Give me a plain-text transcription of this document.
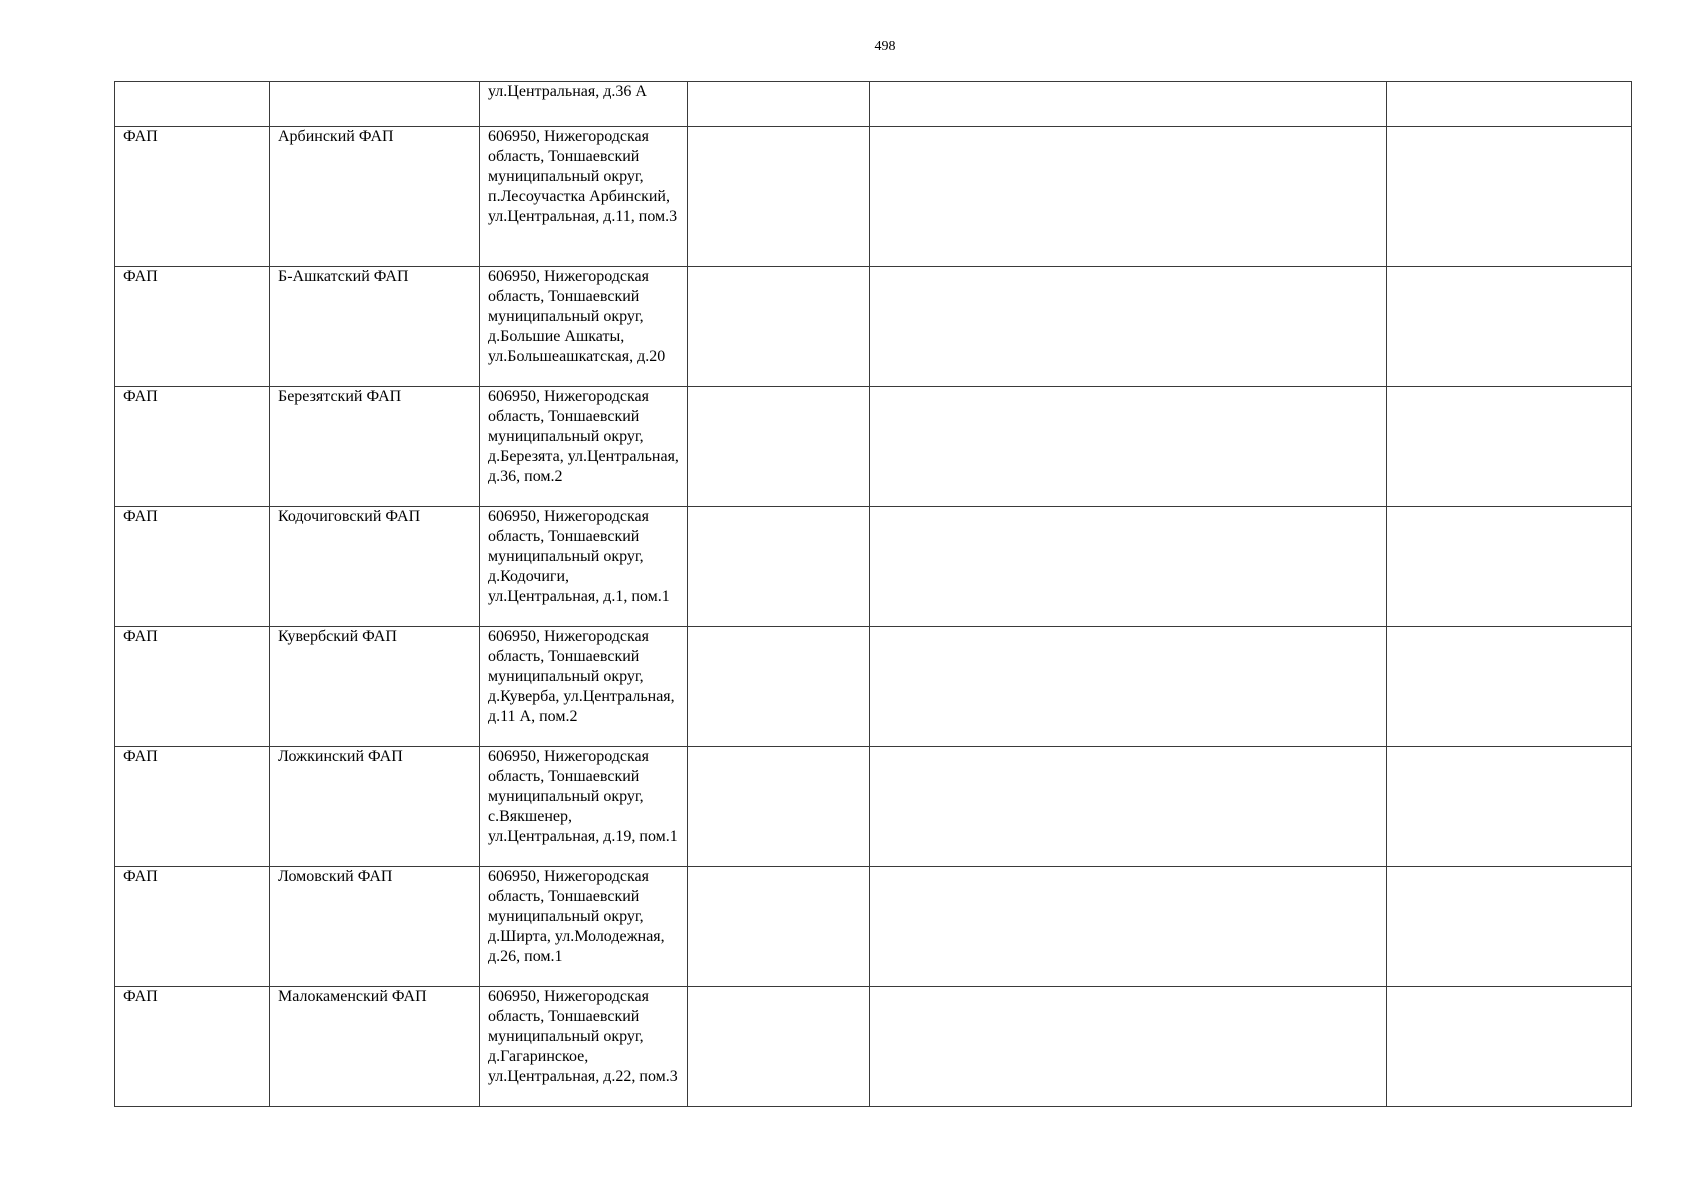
498
		ул.Центральная, д.36 А			
ФАП	Арбинский ФАП	606950, Нижегородская область, Тоншаевский муниципальный округ, п.Лесоучастка Арбинский, ул.Центральная, д.11, пом.3			
ФАП	Б-Ашкатский ФАП	606950, Нижегородская область, Тоншаевский муниципальный округ, д.Большие Ашкаты, ул.Большеашкатская, д.20			
ФАП	Березятский ФАП	606950, Нижегородская область, Тоншаевский муниципальный округ, д.Березята, ул.Центральная, д.36, пом.2			
ФАП	Кодочиговский ФАП	606950, Нижегородская область, Тоншаевский муниципальный округ, д.Кодочиги, ул.Центральная, д.1, пом.1			
ФАП	Кувербский ФАП	606950, Нижегородская область, Тоншаевский муниципальный округ, д.Куверба, ул.Центральная, д.11 А, пом.2			
ФАП	Ложкинский ФАП	606950, Нижегородская область, Тоншаевский муниципальный округ, с.Вякшенер, ул.Центральная, д.19, пом.1			
ФАП	Ломовский ФАП	606950, Нижегородская область, Тоншаевский муниципальный округ, д.Ширта, ул.Молодежная, д.26, пом.1			
ФАП	Малокаменский ФАП	606950, Нижегородская область, Тоншаевский муниципальный округ, д.Гагаринское, ул.Центральная, д.22, пом.3			
